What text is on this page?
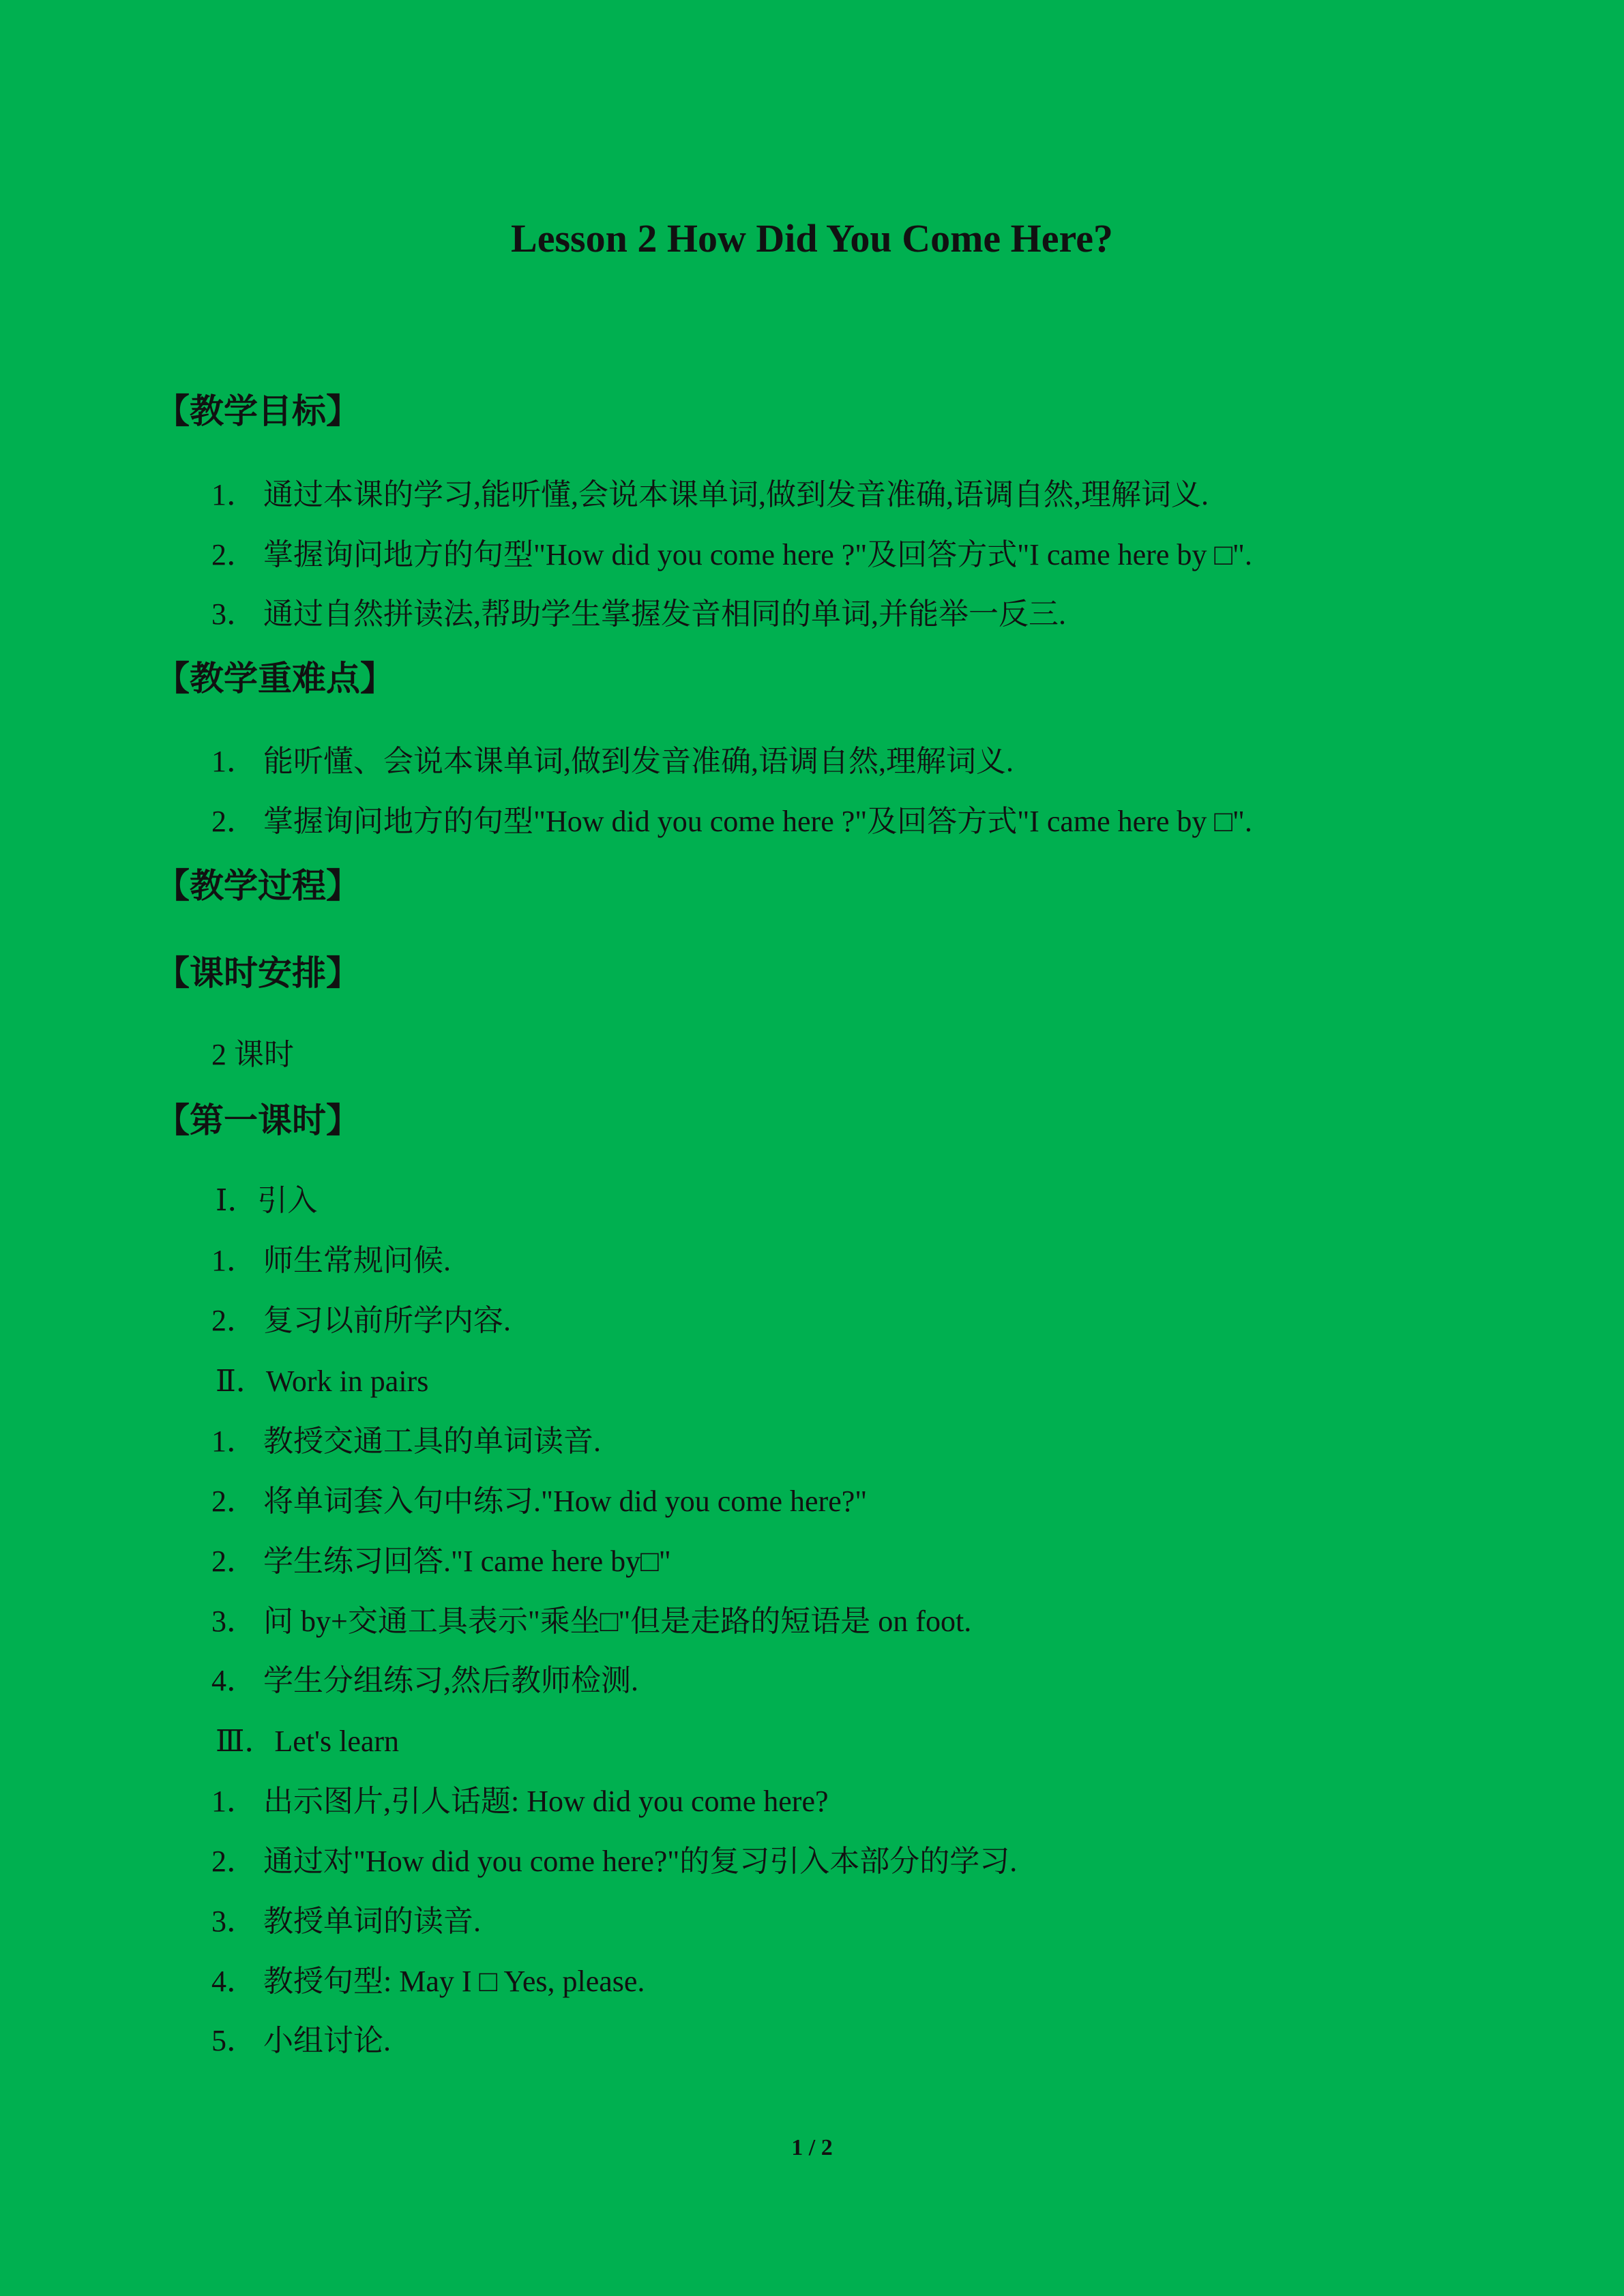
Lesson 2 How Did You Come Here?
【教学目标】
1． 通过本课的学习,能听懂,会说本课单词,做到发音准确,语调自然,理解词义.
2． 掌握询问地方的句型"How did you come here ?"及回答方式"I came here by □".
3． 通过自然拼读法,帮助学生掌握发音相同的单词,并能举一反三.
【教学重难点】
1． 能听懂、会说本课单词,做到发音准确,语调自然,理解词义.
2． 掌握询问地方的句型"How did you come here ?"及回答方式"I came here by □".
【教学过程】
【课时安排】
2 课时
【第一课时】
Ⅰ．引入
1． 师生常规问候.
2． 复习以前所学内容.
Ⅱ．Work in pairs
1． 教授交通工具的单词读音.
2． 将单词套入句中练习."How did you come here?"
2． 学生练习回答."I came here by□"
3． 问 by+交通工具表示"乘坐□"但是走路的短语是 on foot.
4． 学生分组练习,然后教师检测.
Ⅲ．Let's learn
1． 出示图片,引人话题: How did you come here?
2． 通过对"How did you come here?"的复习引入本部分的学习.
3． 教授单词的读音.
4． 教授句型: May I □ Yes, please.
5． 小组讨论.
1 / 2
